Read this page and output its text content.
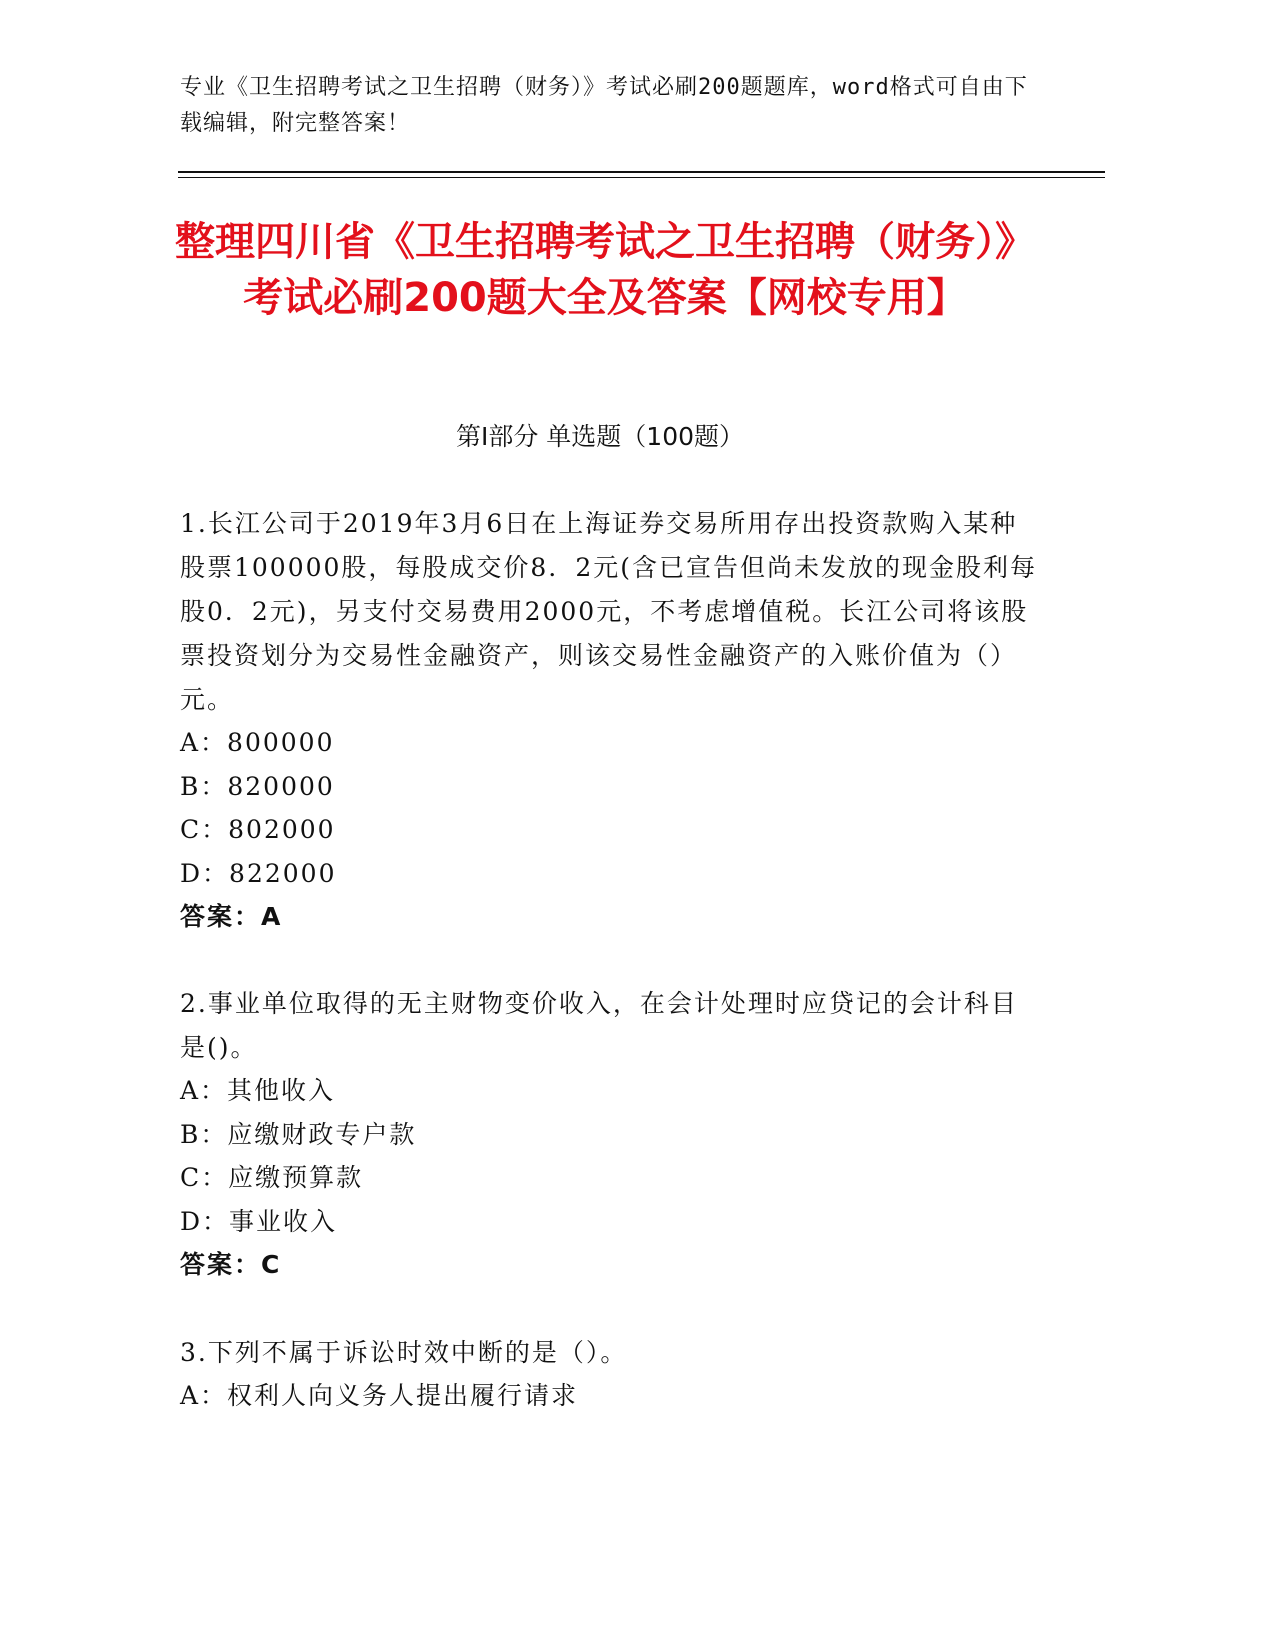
专业《卫生招聘考试之卫生招聘（财务）》考试必刷200题题库，word格式可自由下载编辑，附完整答案！
整理四川省《卫生招聘考试之卫生招聘（财务）》考试必刷200题大全及答案【网校专用】
第I部分 单选题（100题）
1.长江公司于2019年3月6日在上海证券交易所用存出投资款购入某种股票100000股，每股成交价8．2元(含已宣告但尚未发放的现金股利每股0．2元)，另支付交易费用2000元，不考虑增值税。长江公司将该股票投资划分为交易性金融资产，则该交易性金融资产的入账价值为（）元。
A：800000
B：820000
C：802000
D：822000
答案：A
2.事业单位取得的无主财物变价收入，在会计处理时应贷记的会计科目是()。
A：其他收入
B：应缴财政专户款
C：应缴预算款
D：事业收入
答案：C
3.下列不属于诉讼时效中断的是（）。
A：权利人向义务人提出履行请求
